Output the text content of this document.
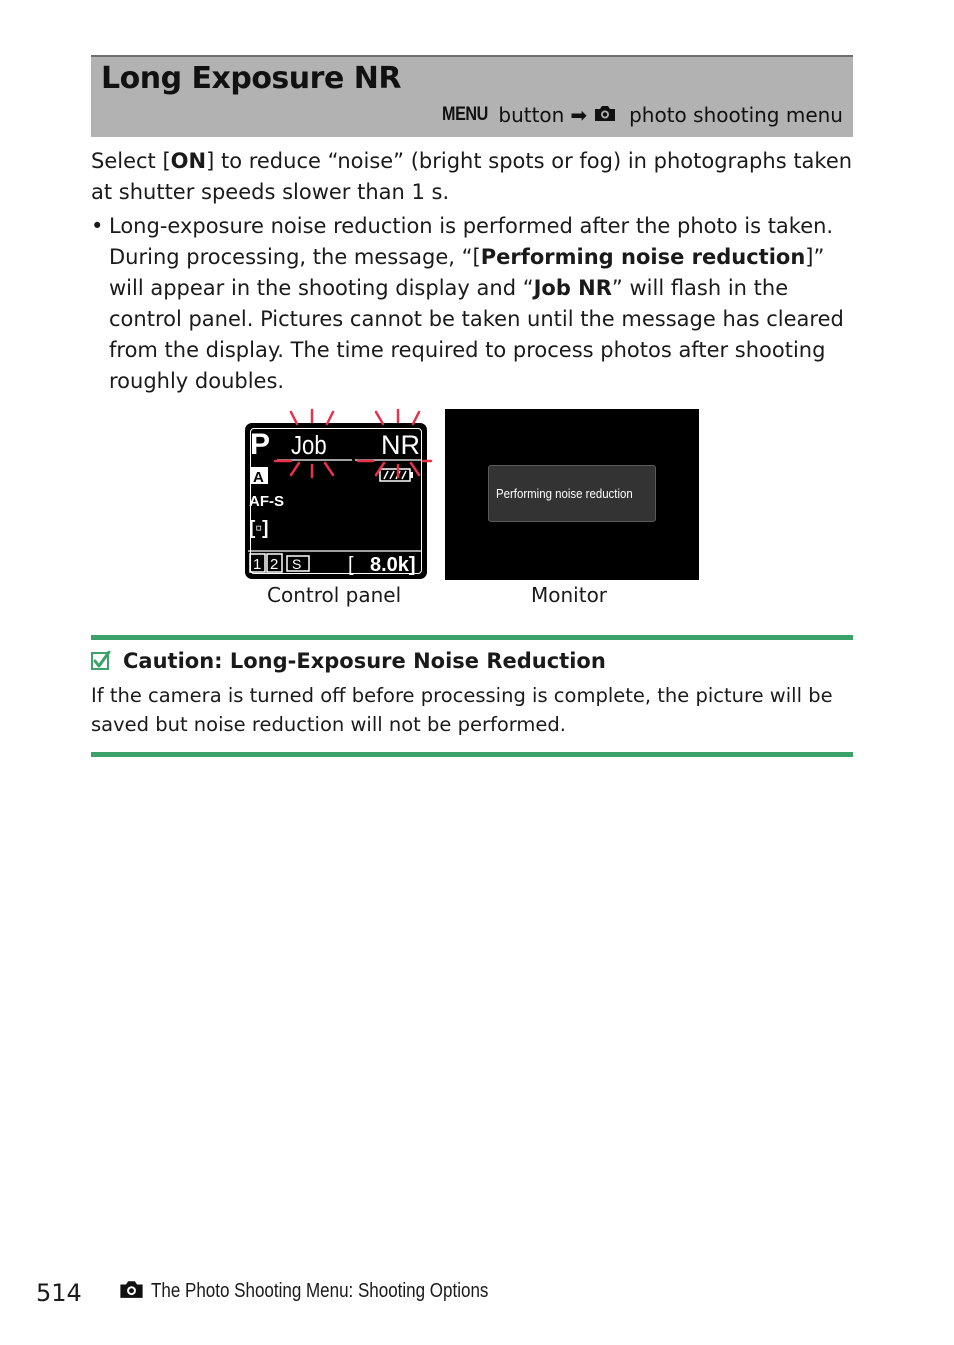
Long Exposure NR
MENU button ➡ photo shooting menu
Select [ON] to reduce “noise” (bright spots or fog) in photographs taken at shutter speeds slower than 1 s.
• Long-exposure noise reduction is performed after the photo is taken. During processing, the message, “[Performing noise reduction]” will appear in the shooting display and “Job NR” will flash in the control panel. Pictures cannot be taken until the message has cleared from the display. The time required to process photos after shooting roughly doubles.
P Job NR
A
AF-S
[▫]
1 2 S [ 8.0k]
Performing noise reduction
Control panel	Monitor
Caution: Long-Exposure Noise Reduction
If the camera is turned off before processing is complete, the picture will be saved but noise reduction will not be performed.
514	The Photo Shooting Menu: Shooting Options
